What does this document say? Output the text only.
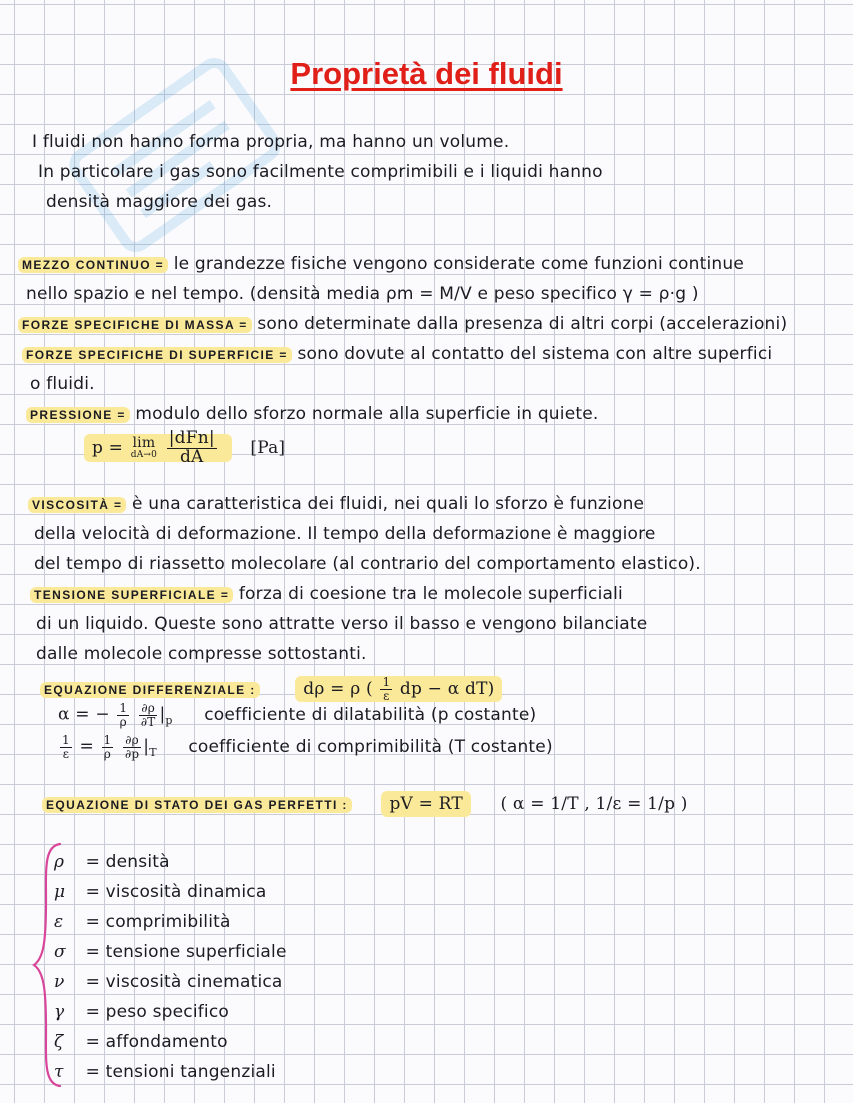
Proprietà dei fluidi
I fluidi non hanno forma propria, ma hanno un volume.
In particolare i gas sono facilmente comprimibili e i liquidi hanno
densità maggiore dei gas.
MEZZO CONTINUO = le grandezze fisiche vengono considerate come funzioni continue
nello spazio e nel tempo. (densità media ρm = M/V e peso specifico γ = ρ·g )
FORZE SPECIFICHE DI MASSA = sono determinate dalla presenza di altri corpi (accelerazioni)
FORZE SPECIFICHE DI SUPERFICIE = sono dovute al contatto del sistema con altre superfici
o fluidi.
PRESSIONE = modulo dello sforzo normale alla superficie in quiete.
p = lim
dA→0
$\frac{\text{|dFn|}}{dA} [Pa]$
VISCOSITÀ = è una caratteristica dei fluidi, nei quali lo sforzo è funzione
della velocità di deformazione. Il tempo della deformazione è maggiore
del tempo di riassetto molecolare (al contrario del comportamento elastico).
TENSIONE SUPERFICIALE = forza di coesione tra le molecole superficiali
di un liquido. Queste sono attratte verso il basso e vengono bilanciate
dalle molecole compresse sottostanti.
EQUAZIONE DIFFERENZIALE :	dρ = ρ ( $\frac{1}{\varepsilon}$ dp − α dT)
α = − $\frac{1}{\rho}$
$\frac{\partial\rho}{\partial T} |_p$ coefficiente di dilatabilità (p costante)
$\frac{1}{\varepsilon} = \frac{1}{\rho}$
$\frac{\partial\rho}{\partial p} |_T$ coefficiente di comprimibilità (T costante)
EQUAZIONE DI STATO DEI GAS PERFETTI : pV = RT ( α = 1/T , 1/ε = 1/p )
ρ = densità
μ = viscosità dinamica
ε = comprimibilità
σ = tensione superficiale
ν = viscosità cinematica
γ = peso specifico
ζ = affondamento
τ = tensioni tangenziali
